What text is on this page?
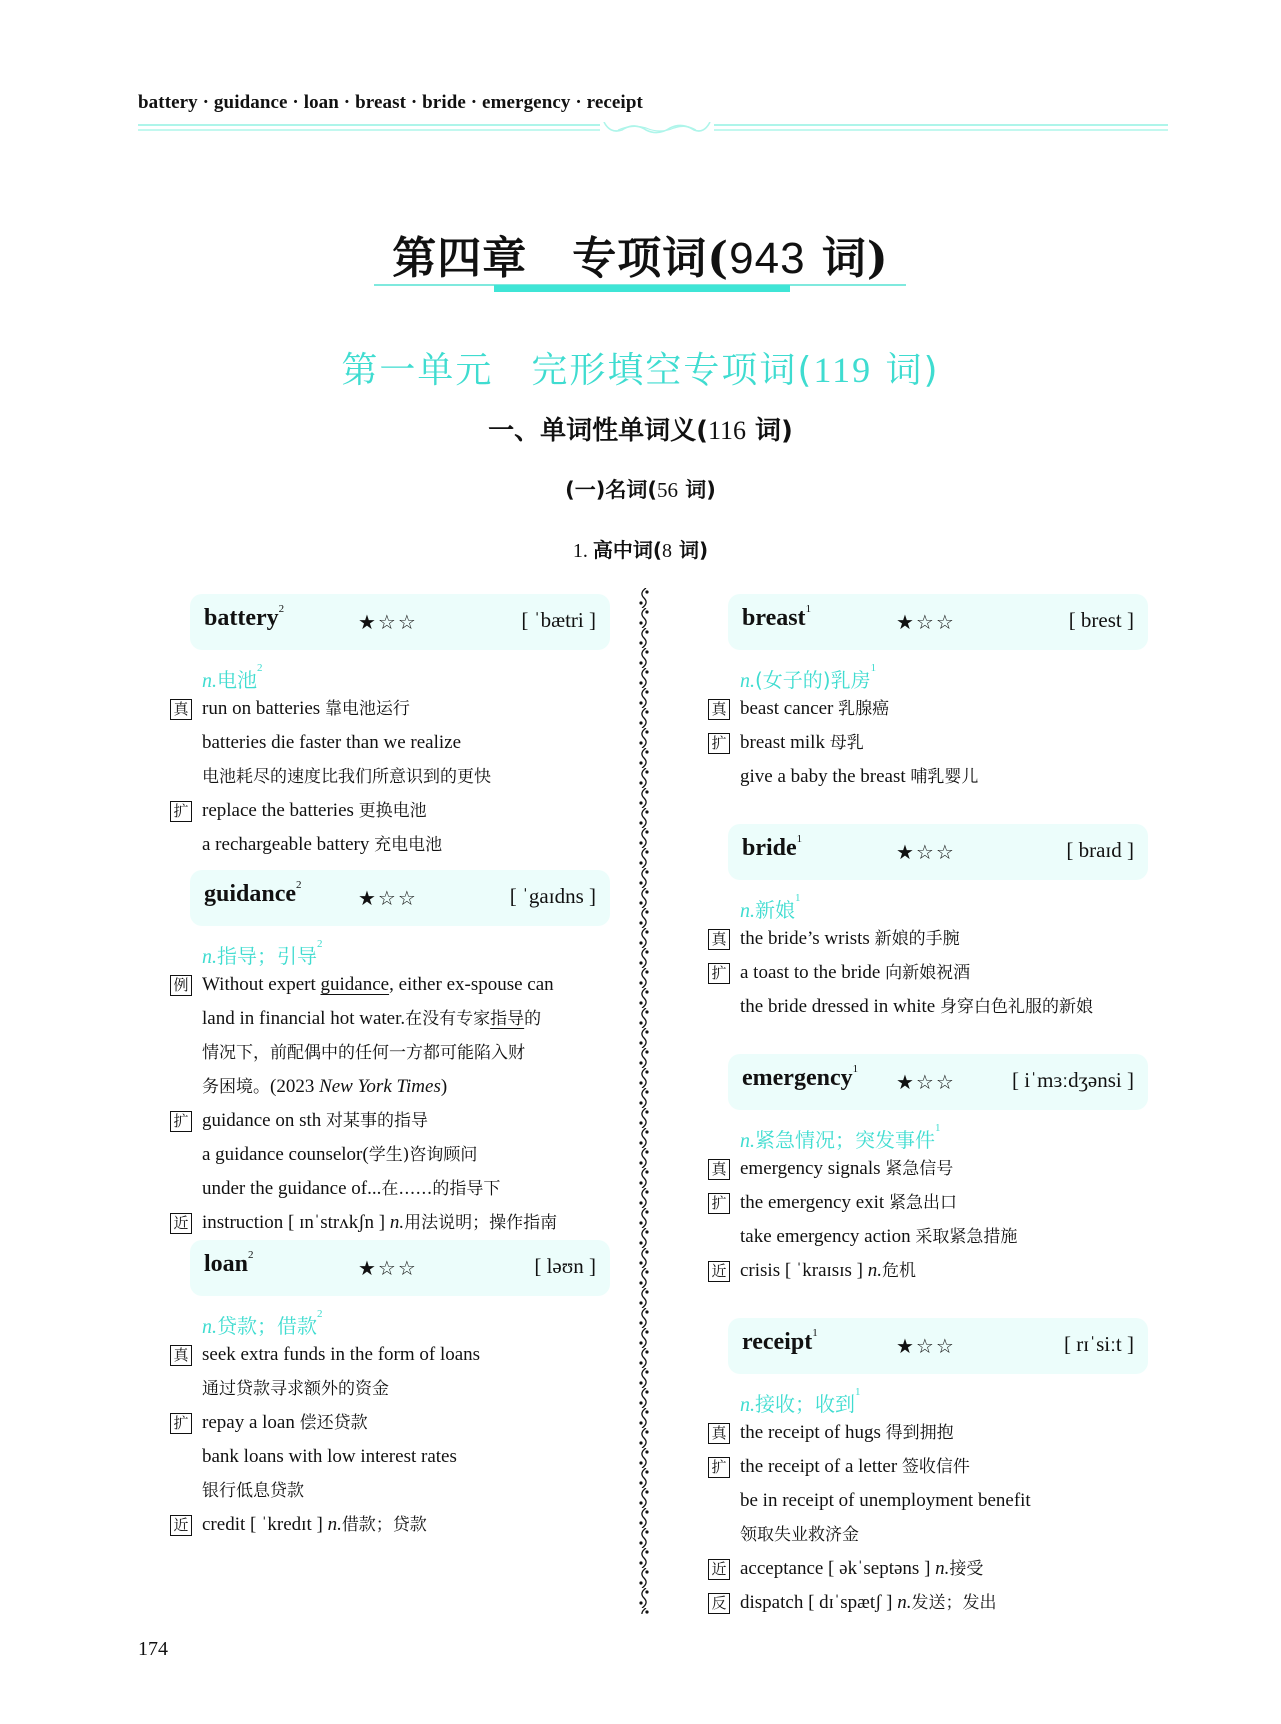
battery · guidance · loan · breast · bride · emergency · receipt
第四章　专项词(943 词)
第一单元　完形填空专项词(119 词)
一、单词性单词义(116 词)
(一)名词(56 词)
1. 高中词(8 词)
battery$^2$
★☆☆	[ ˈbætri ]
n.电池$^2$
真 run on batteries 靠电池运行
batteries die faster than we realize
电池耗尽的速度比我们所意识到的更快
扩 replace the batteries 更换电池
a rechargeable battery 充电电池
guidance$^2$
★☆☆	[ ˈgaɪdns ]
n.指导；引导$^2$
例 Without expert guidance, either ex-spouse can
land in financial hot water.在没有专家指导的
情况下，前配偶中的任何一方都可能陷入财
务困境。(2023 New York Times)
扩 guidance on sth 对某事的指导
a guidance counselor(学生)咨询顾问
under the guidance of...在……的指导下
近 instruction [ ɪnˈstrʌkʃn ] n.用法说明；操作指南
loan$^2$
★☆☆	[ ləʊn ]
n.贷款；借款$^2$
真 seek extra funds in the form of loans
通过贷款寻求额外的资金
扩 repay a loan 偿还贷款
bank loans with low interest rates
银行低息贷款
近 credit [ ˈkredɪt ] n.借款；贷款
breast$^1$
★☆☆	[ brest ]
n.(女子的)乳房$^1$
真 beast cancer 乳腺癌
扩 breast milk 母乳
give a baby the breast 哺乳婴儿
bride$^1$
★☆☆	[ braɪd ]
n.新娘$^1$
真 the bride’s wrists 新娘的手腕
扩 a toast to the bride 向新娘祝酒
the bride dressed in white 身穿白色礼服的新娘
emergency$^1$
★☆☆	[ iˈmɜːdʒənsi ]
n.紧急情况；突发事件$^1$
真 emergency signals 紧急信号
扩 the emergency exit 紧急出口
take emergency action 采取紧急措施
近 crisis [ ˈkraɪsɪs ] n.危机
receipt$^1$
★☆☆	[ rɪˈsiːt ]
n.接收；收到$^1$
真 the receipt of hugs 得到拥抱
扩 the receipt of a letter 签收信件
be in receipt of unemployment benefit
领取失业救济金
近 acceptance [ əkˈseptəns ] n.接受
反 dispatch [ dɪˈspætʃ ] n.发送；发出
174
